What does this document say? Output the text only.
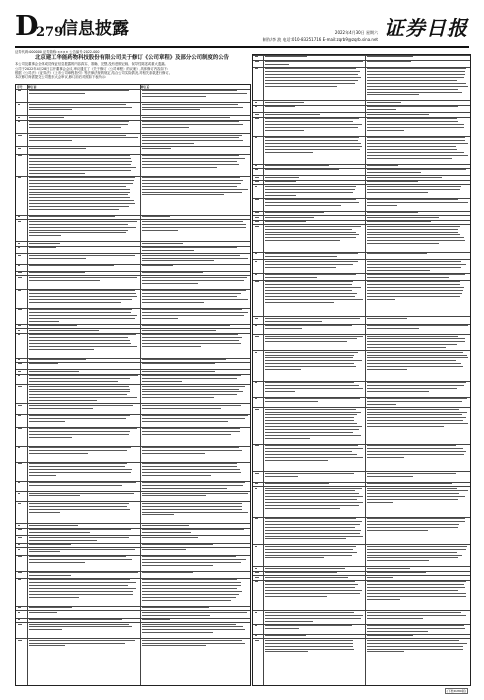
D
279
信息披露	2022年4月30日 星期六
制作/李 波 电话:010-83251716 E-mail:zqrb9@zqrb.sina.net 证券日报
证券代码:000000 证券简称:×××× 公告编号:2022-000
北京建工华能药物科技股份有限公司关于修订《公司章程》及部分公司制度的公告
本公司及董事会全体成员保证信息披露的内容真实、准确、完整,没有虚假记载、误导性陈述或重大遗漏。
公司于2022年4月28日召开董事会会议,审议通过了《关于修订〈公司章程〉的议案》,具体修订内容如下:
根据《公司法》《证券法》《上市公司章程指引》等法律法规的规定,结合公司实际情况,对相关条款进行修订。
本次修订尚需提交公司股东大会审议,修订前后对照如下表所示:
序号 修订前	修订后
(下转D280版)
